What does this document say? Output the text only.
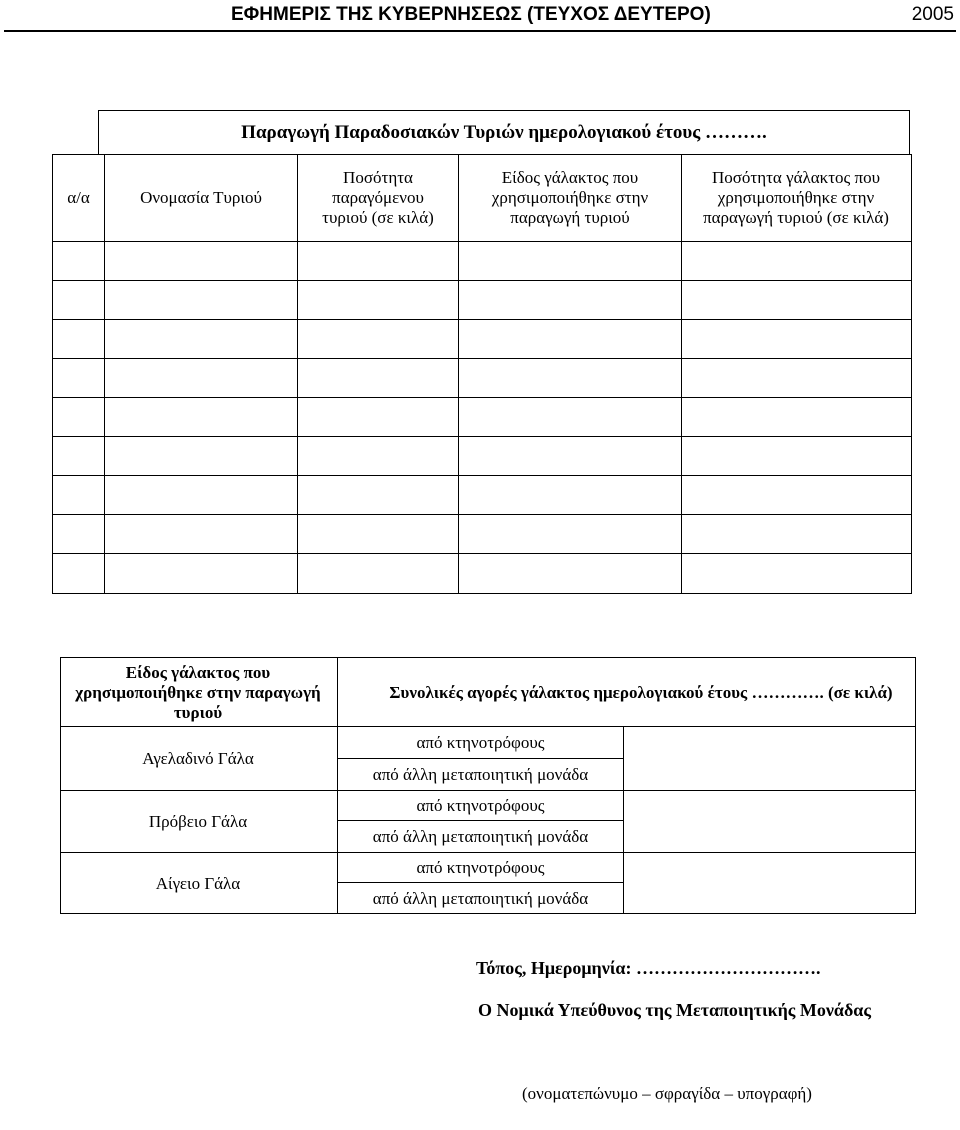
ΕΦΗΜΕΡΙΣ ΤΗΣ ΚΥΒΕΡΝΗΣΕΩΣ (ΤΕΥΧΟΣ ΔΕΥΤΕΡΟ)	2005
Παραγωγή Παραδοσιακών Τυριών ημερολογιακού έτους ……….
α/α	Ονομασία Τυριού
Ποσότητα παραγόμενου τυριού (σε κιλά)
Είδος γάλακτος που χρησιμοποιήθηκε στην παραγωγή τυριού
Ποσότητα γάλακτος που χρησιμοποιήθηκε στην παραγωγή τυριού (σε κιλά)
Είδος γάλακτος που χρησιμοποιήθηκε στην παραγωγή τυριού
Συνολικές αγορές γάλακτος ημερολογιακού έτους …………. (σε κιλά)
Αγελαδινό Γάλα
από κτηνοτρόφους
από άλλη μεταποιητική μονάδα
Πρόβειο Γάλα
από κτηνοτρόφους
από άλλη μεταποιητική μονάδα
Αίγειο Γάλα
από κτηνοτρόφους
από άλλη μεταποιητική μονάδα
Τόπος, Ημερομηνία: ………………………….
Ο Νομικά Υπεύθυνος της Μεταποιητικής Μονάδας
(ονοματεπώνυμο – σφραγίδα – υπογραφή)
